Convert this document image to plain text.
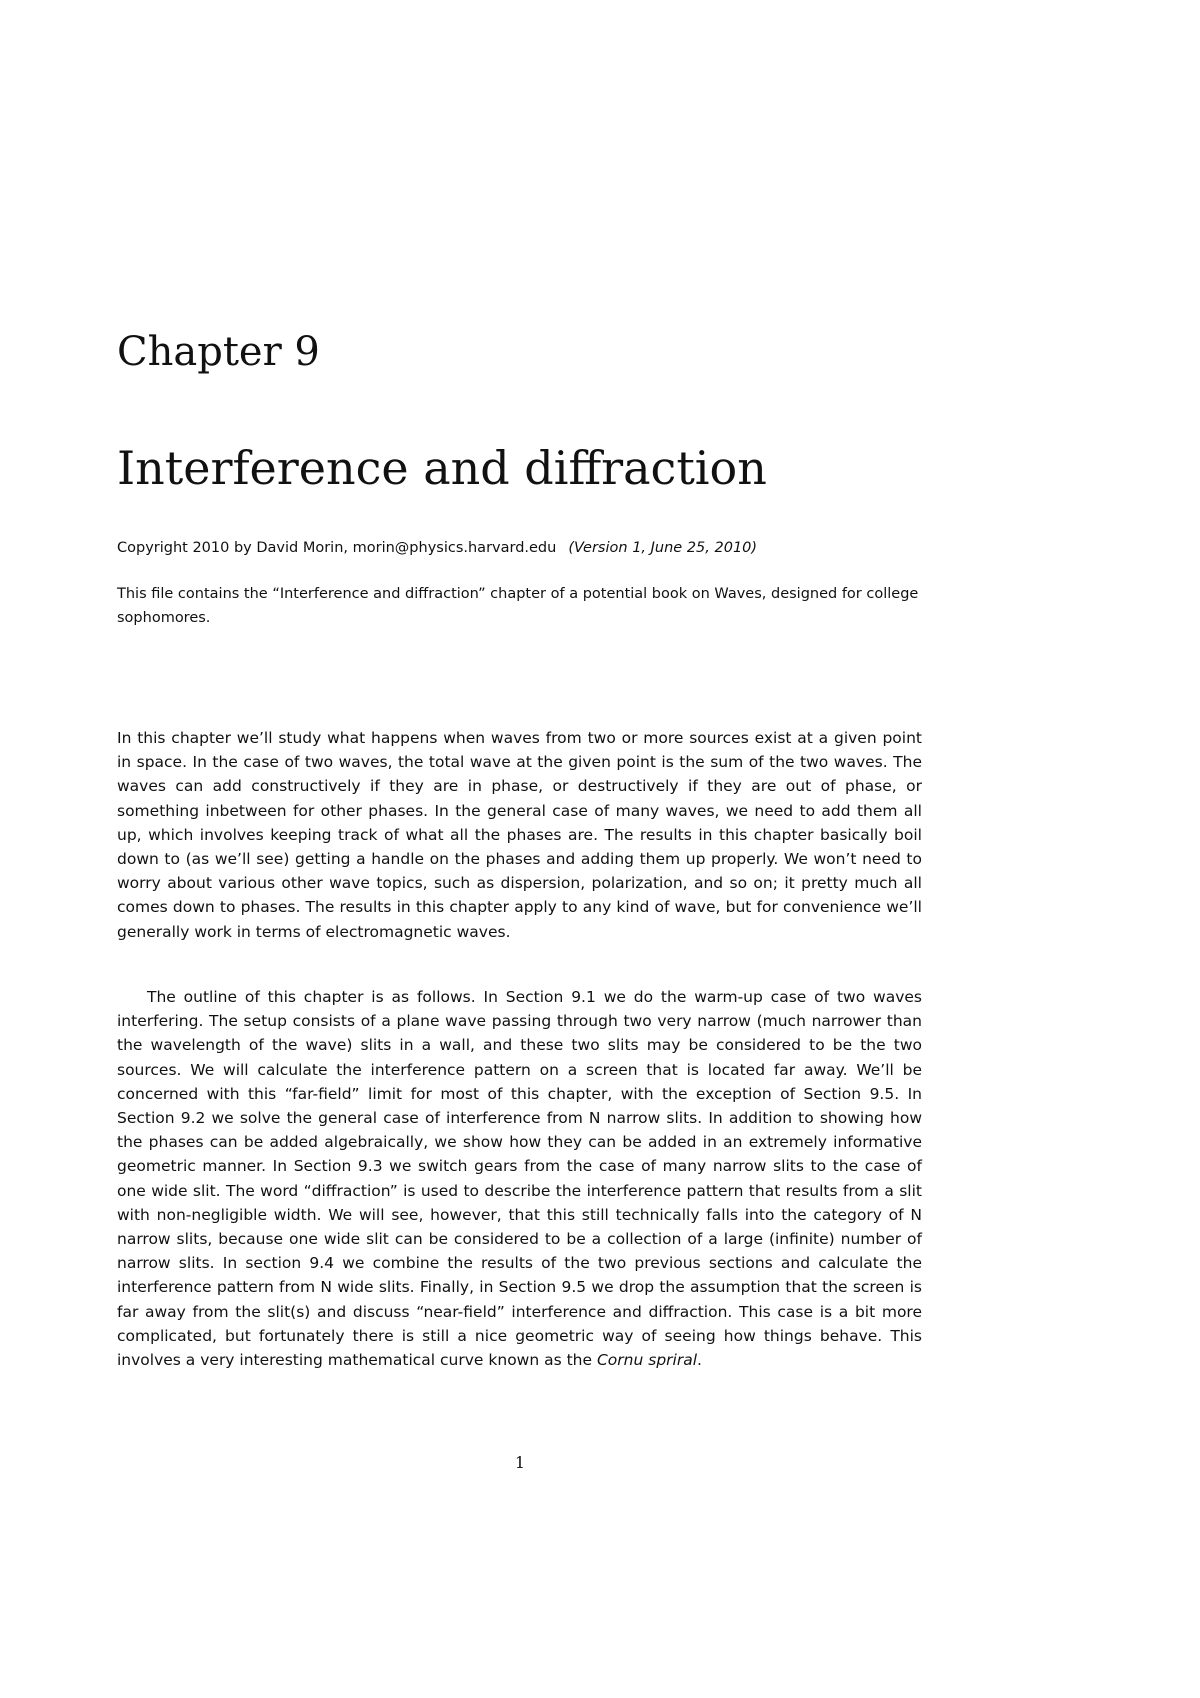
Chapter 9
Interference and diffraction
Copyright 2010 by David Morin, morin@physics.harvard.edu (Version 1, June 25, 2010)
This file contains the “Interference and diffraction” chapter of a potential book on Waves, designed for college sophomores.

In this chapter we’ll study what happens when waves from two or more sources exist at a given point in space. In the case of two waves, the total wave at the given point is the sum of the two waves. The waves can add constructively if they are in phase, or destructively if they are out of phase, or something inbetween for other phases. In the general case of many waves, we need to add them all up, which involves keeping track of what all the phases are. The results in this chapter basically boil down to (as we’ll see) getting a handle on the phases and adding them up properly. We won’t need to worry about various other wave topics, such as dispersion, polarization, and so on; it pretty much all comes down to phases. The results in this chapter apply to any kind of wave, but for convenience we’ll generally work in terms of electromagnetic waves.

The outline of this chapter is as follows. In Section 9.1 we do the warm-up case of two waves interfering. The setup consists of a plane wave passing through two very narrow (much narrower than the wavelength of the wave) slits in a wall, and these two slits may be considered to be the two sources. We will calculate the interference pattern on a screen that is located far away. We’ll be concerned with this “far-field” limit for most of this chapter, with the exception of Section 9.5. In Section 9.2 we solve the general case of interference from N narrow slits. In addition to showing how the phases can be added algebraically, we show how they can be added in an extremely informative geometric manner. In Section 9.3 we switch gears from the case of many narrow slits to the case of one wide slit. The word “diffraction” is used to describe the interference pattern that results from a slit with non-negligible width. We will see, however, that this still technically falls into the category of N narrow slits, because one wide slit can be considered to be a collection of a large (infinite) number of narrow slits. In section 9.4 we combine the results of the two previous sections and calculate the interference pattern from N wide slits. Finally, in Section 9.5 we drop the assumption that the screen is far away from the slit(s) and discuss “near-field” interference and diffraction. This case is a bit more complicated, but fortunately there is still a nice geometric way of seeing how things behave. This involves a very interesting mathematical curve known as the Cornu spriral.

1
